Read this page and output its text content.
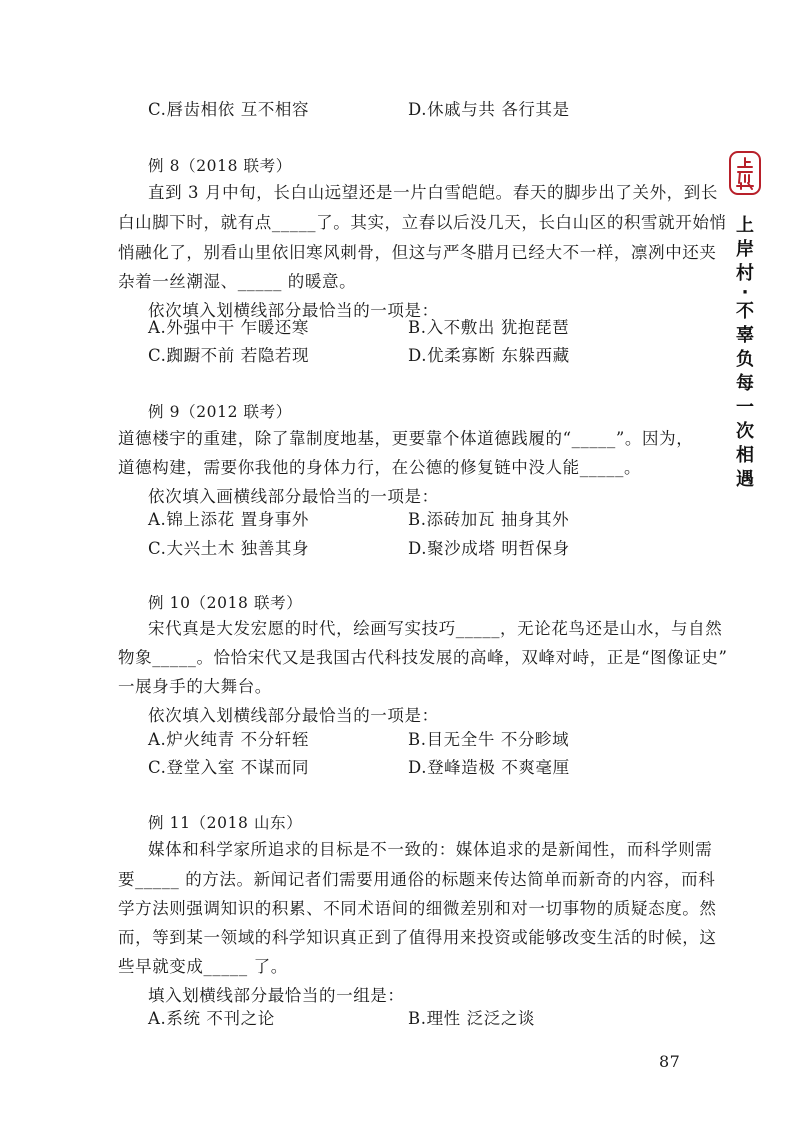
C.唇齿相依 互不相容	D.休戚与共 各行其是
例 8（2018 联考）
直到 3 月中旬，长白山远望还是一片白雪皑皑。春天的脚步出了关外，到长
白山脚下时，就有点_____了。其实，立春以后没几天，长白山区的积雪就开始悄
悄融化了，别看山里依旧寒风刺骨，但这与严冬腊月已经大不一样，凛冽中还夹
杂着一丝潮湿、_____ 的暖意。
依次填入划横线部分最恰当的一项是：
A.外强中干 乍暖还寒	B.入不敷出 犹抱琵琶
C.踟蹰不前 若隐若现	D.优柔寡断 东躲西藏
例 9（2012 联考）
道德楼宇的重建，除了靠制度地基，更要靠个体道德践履的“_____”。因为，
道德构建，需要你我他的身体力行，在公德的修复链中没人能_____。
依次填入画横线部分最恰当的一项是：
A.锦上添花 置身事外	B.添砖加瓦 抽身其外
C.大兴土木 独善其身	D.聚沙成塔 明哲保身
例 10（2018 联考）
宋代真是大发宏愿的时代，绘画写实技巧_____，无论花鸟还是山水，与自然
物象_____。恰恰宋代又是我国古代科技发展的高峰，双峰对峙，正是“图像证史”
一展身手的大舞台。
依次填入划横线部分最恰当的一项是：
A.炉火纯青 不分轩轾	B.目无全牛 不分畛域
C.登堂入室 不谋而同	D.登峰造极 不爽毫厘
例 11（2018 山东）
媒体和科学家所追求的目标是不一致的：媒体追求的是新闻性，而科学则需
要_____ 的方法。新闻记者们需要用通俗的标题来传达简单而新奇的内容，而科
学方法则强调知识的积累、不同术语间的细微差别和对一切事物的质疑态度。然
而，等到某一领域的科学知识真正到了值得用来投资或能够改变生活的时候，这
些早就变成_____ 了。
填入划横线部分最恰当的一组是：
A.系统 不刊之论	B.理性 泛泛之谈
上
岸
村
·
不
辜
负
每
一
次
相
遇
87
